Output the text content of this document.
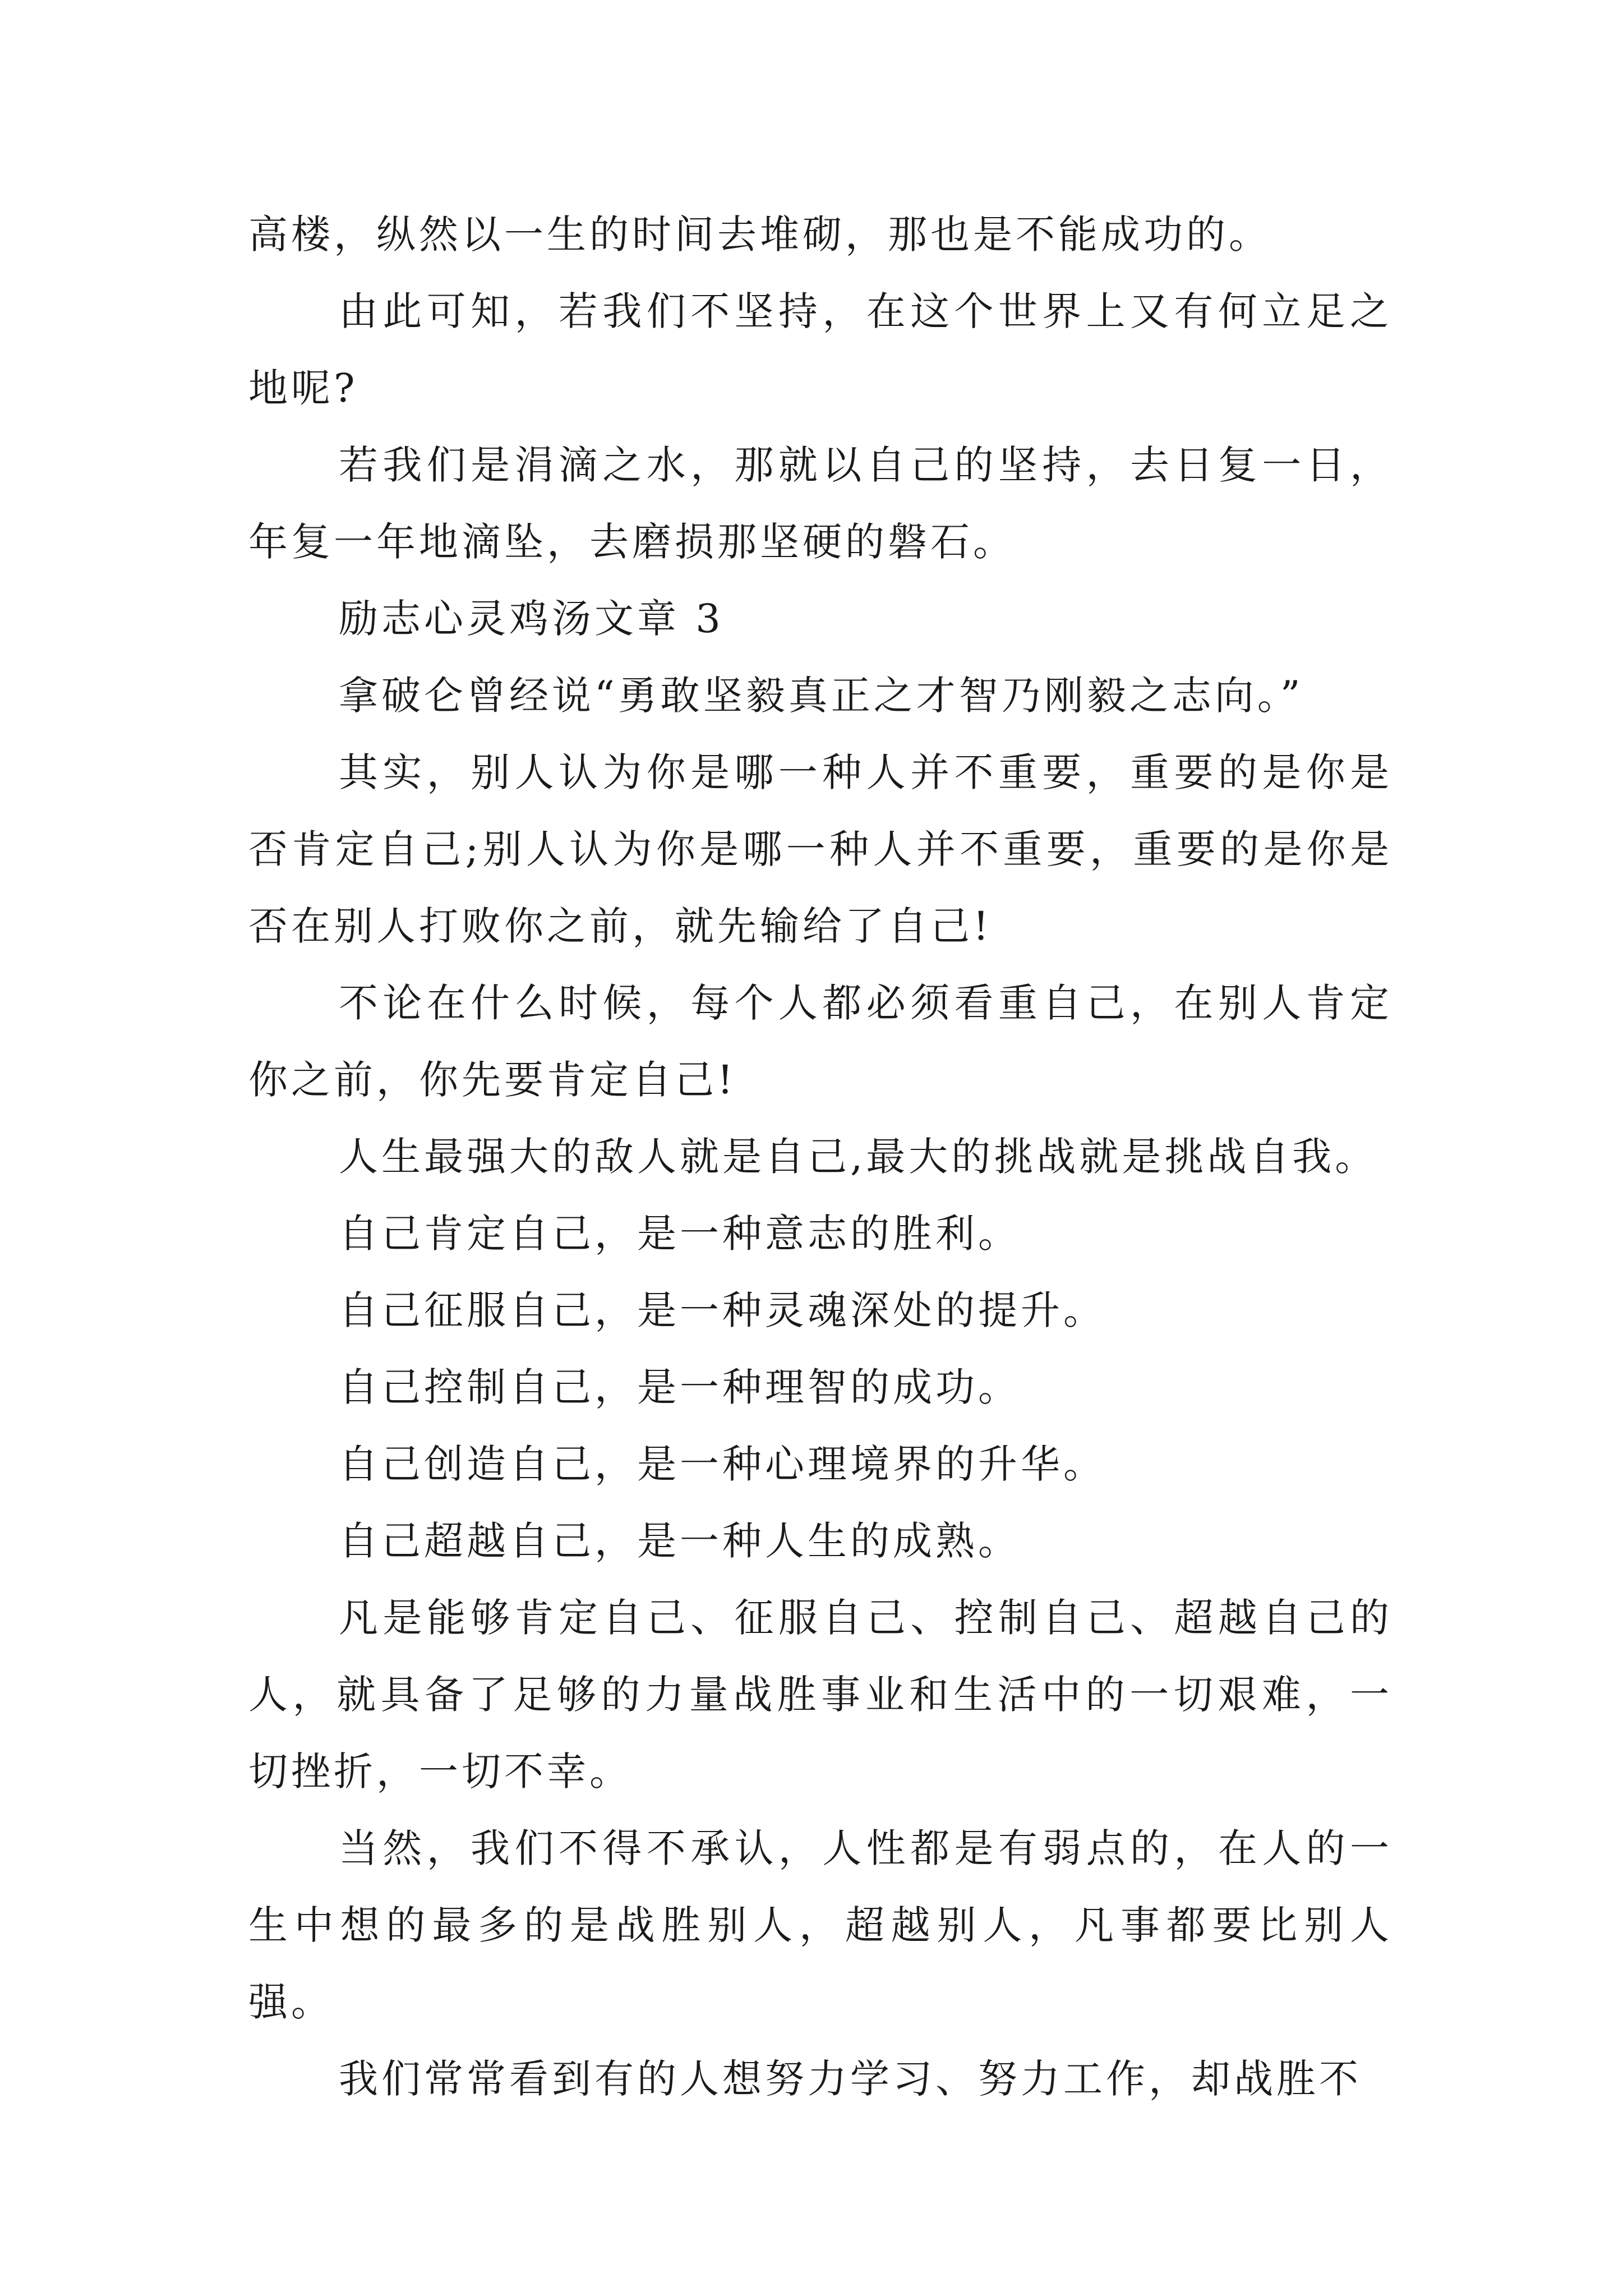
高楼，纵然以一生的时间去堆砌，那也是不能成功的。

由此可知，若我们不坚持，在这个世界上又有何立足之地呢?

若我们是涓滴之水，那就以自己的坚持，去日复一日，年复一年地滴坠，去磨损那坚硬的磐石。

励志心灵鸡汤文章 3

拿破仑曾经说“勇敢坚毅真正之才智乃刚毅之志向。”

其实，别人认为你是哪一种人并不重要，重要的是你是否肯定自己;别人认为你是哪一种人并不重要，重要的是你是否在别人打败你之前，就先输给了自己!

不论在什么时候，每个人都必须看重自己，在别人肯定你之前，你先要肯定自己!

人生最强大的敌人就是自己,最大的挑战就是挑战自我。

自己肯定自己，是一种意志的胜利。

自己征服自己，是一种灵魂深处的提升。

自己控制自己，是一种理智的成功。

自己创造自己，是一种心理境界的升华。

自己超越自己，是一种人生的成熟。

凡是能够肯定自己、征服自己、控制自己、超越自己的人，就具备了足够的力量战胜事业和生活中的一切艰难，一切挫折，一切不幸。

当然，我们不得不承认，人性都是有弱点的，在人的一生中想的最多的是战胜别人，超越别人，凡事都要比别人强。

我们常常看到有的人想努力学习、努力工作，却战胜不
